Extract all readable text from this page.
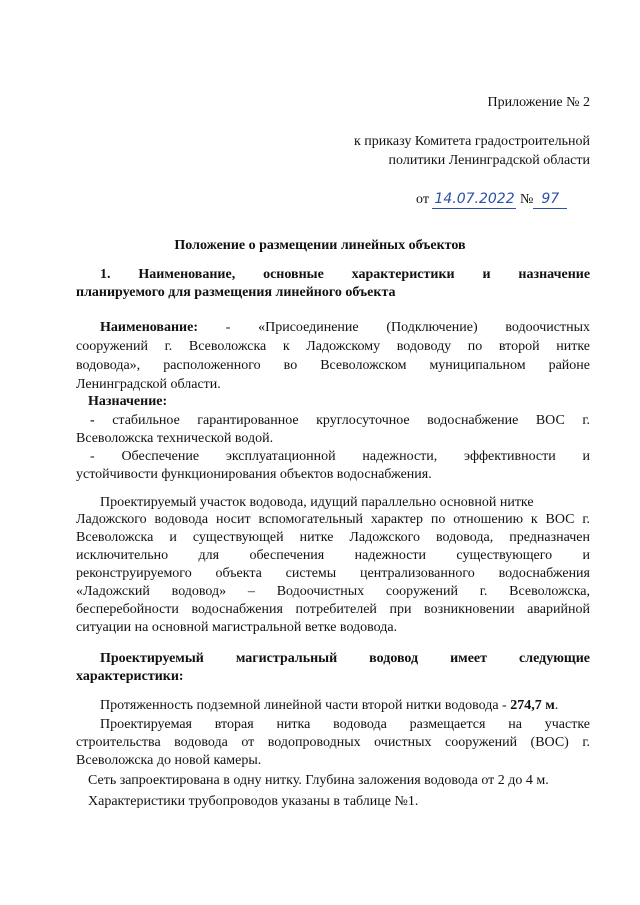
Приложение № 2
к приказу Комитета градостроительной
политики Ленинградской области
от 14.07.2022 № 97
Положение о размещении линейных объектов
1. Наименование, основные характеристики и назначение
планируемого для размещения линейного объекта
Наименование: - «Присоединение (Подключение) водоочистных
сооружений г. Всеволожска к Ладожскому водоводу по второй нитке
водовода», расположенного во Всеволожском муниципальном районе
Ленинградской области.
Назначение:
- стабильное гарантированное круглосуточное водоснабжение ВОС г.
Всеволожска технической водой.
- Обеспечение эксплуатационной надежности, эффективности и
устойчивости функционирования объектов водоснабжения.
Проектируемый участок водовода, идущий параллельно основной нитке
Ладожского водовода носит вспомогательный характер по отношению к ВОС г.
Всеволожска и существующей нитке Ладожского водовода, предназначен
исключительно для обеспечения надежности существующего и
реконструируемого объекта системы централизованного водоснабжения
«Ладожский водовод» – Водоочистных сооружений г. Всеволожска,
бесперебойности водоснабжения потребителей при возникновении аварийной
ситуации на основной магистральной ветке водовода.
Проектируемый магистральный водовод имеет следующие
характеристики:
Протяженность подземной линейной части второй нитки водовода - 274,7 м.
Проектируемая вторая нитка водовода размещается на участке
строительства водовода от водопроводных очистных сооружений (ВОС) г.
Всеволожска до новой камеры.
Сеть запроектирована в одну нитку. Глубина заложения водовода от 2 до 4 м.
Характеристики трубопроводов указаны в таблице №1.
